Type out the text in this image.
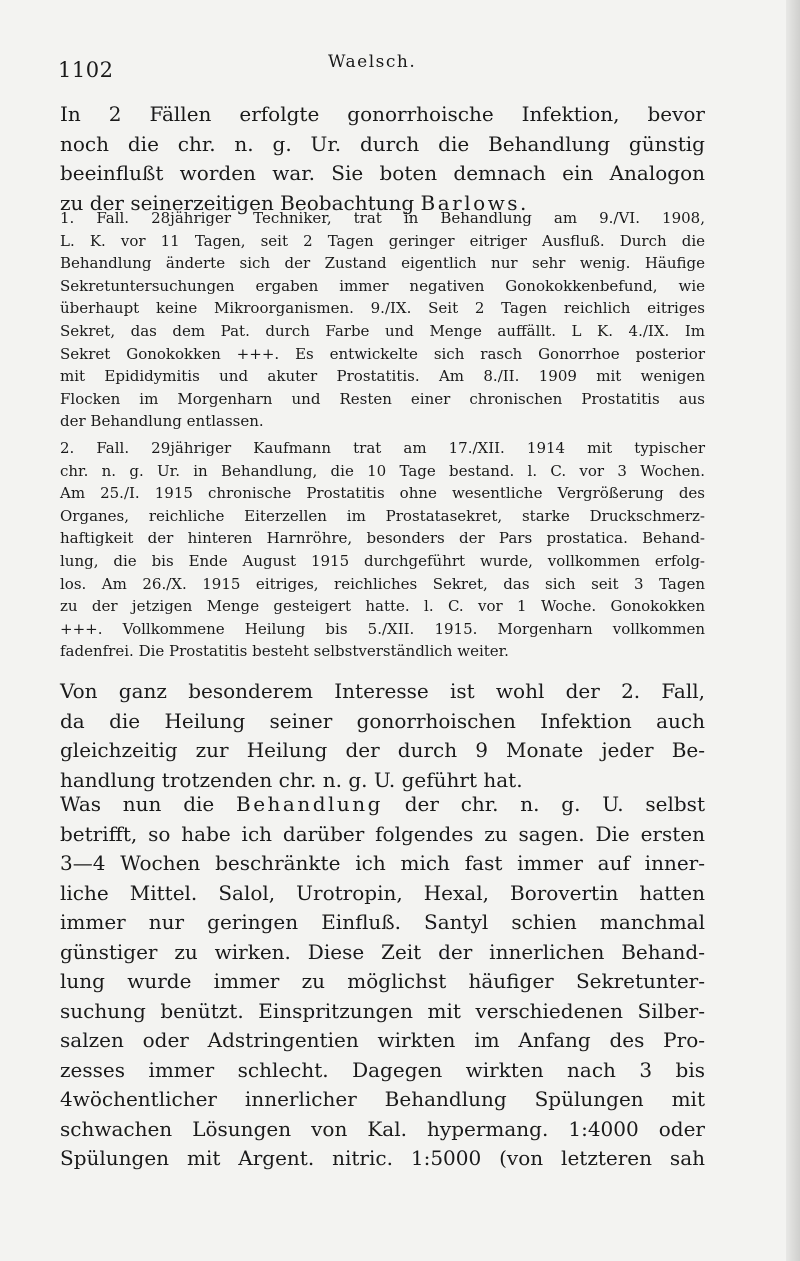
1102	Waelsch.
In 2 Fällen erfolgte gonorrhoische Infektion, bevor
noch die chr. n. g. Ur. durch die Behandlung günstig
beeinflußt worden war. Sie boten demnach ein Analogon
zu der seinerzeitigen Beobachtung Barlows.
1. Fall. 28jähriger Techniker, trat in Behandlung am 9./VI. 1908,
L. K. vor 11 Tagen, seit 2 Tagen geringer eitriger Ausfluß. Durch die
Behandlung änderte sich der Zustand eigentlich nur sehr wenig. Häufige
Sekretuntersuchungen ergaben immer negativen Gonokokkenbefund, wie
überhaupt keine Mikroorganismen. 9./IX. Seit 2 Tagen reichlich eitriges
Sekret, das dem Pat. durch Farbe und Menge auffällt. L K. 4./IX. Im
Sekret Gonokokken +++. Es entwickelte sich rasch Gonorrhoe posterior
mit Epididymitis und akuter Prostatitis. Am 8./II. 1909 mit wenigen
Flocken im Morgenharn und Resten einer chronischen Prostatitis aus
der Behandlung entlassen.
2. Fall. 29jähriger Kaufmann trat am 17./XII. 1914 mit typischer
chr. n. g. Ur. in Behandlung, die 10 Tage bestand. l. C. vor 3 Wochen.
Am 25./I. 1915 chronische Prostatitis ohne wesentliche Vergrößerung des
Organes, reichliche Eiterzellen im Prostatasekret, starke Druckschmerz-
haftigkeit der hinteren Harnröhre, besonders der Pars prostatica. Behand-
lung, die bis Ende August 1915 durchgeführt wurde, vollkommen erfolg-
los. Am 26./X. 1915 eitriges, reichliches Sekret, das sich seit 3 Tagen
zu der jetzigen Menge gesteigert hatte. l. C. vor 1 Woche. Gonokokken
+++. Vollkommene Heilung bis 5./XII. 1915. Morgenharn vollkommen
fadenfrei. Die Prostatitis besteht selbstverständlich weiter.
Von ganz besonderem Interesse ist wohl der 2. Fall,
da die Heilung seiner gonorrhoischen Infektion auch
gleichzeitig zur Heilung der durch 9 Monate jeder Be-
handlung trotzenden chr. n. g. U. geführt hat.
Was nun die Behandlung der chr. n. g. U. selbst
betrifft, so habe ich darüber folgendes zu sagen. Die ersten
3—4 Wochen beschränkte ich mich fast immer auf inner-
liche Mittel. Salol, Urotropin, Hexal, Borovertin hatten
immer nur geringen Einfluß. Santyl schien manchmal
günstiger zu wirken. Diese Zeit der innerlichen Behand-
lung wurde immer zu möglichst häufiger Sekretunter-
suchung benützt. Einspritzungen mit verschiedenen Silber-
salzen oder Adstringentien wirkten im Anfang des Pro-
zesses immer schlecht. Dagegen wirkten nach 3 bis
4wöchentlicher innerlicher Behandlung Spülungen mit
schwachen Lösungen von Kal. hypermang. 1:4000 oder
Spülungen mit Argent. nitric. 1:5000 (von letzteren sah
